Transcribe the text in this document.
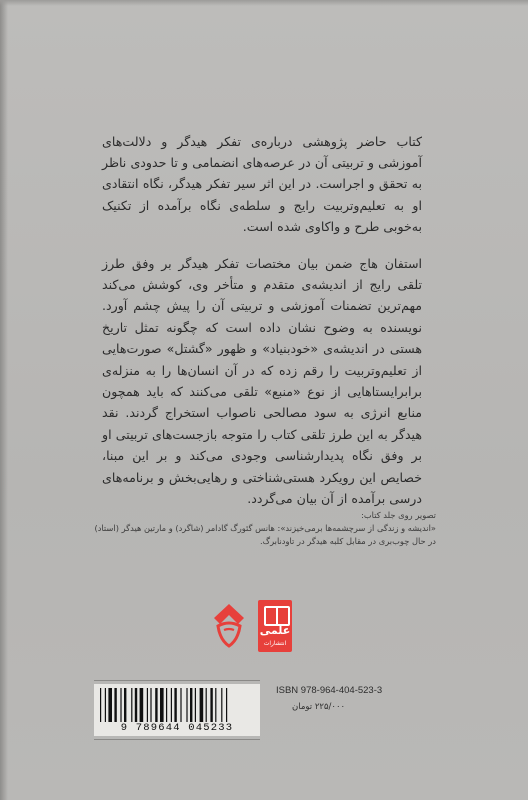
کتاب حاضر پژوهشی درباره‌ی تفکر هیدگر و دلالت‌های آموزشی و تربیتی آن در عرصه‌های انضمامی و تا حدودی ناظر به تحقق و اجراست. در این اثر سیر تفکر هیدگر، نگاه انتقادی او به تعلیم‌وتربیت رایج و سلطه‌ی نگاه برآمده از تکنیک به‌خوبی طرح و واکاوی شده است.

استفان هاج ضمن بیان مختصات تفکر هیدگر بر وفق طرز تلقی رایج از اندیشه‌ی متقدم و متأخر وی، کوشش می‌کند مهم‌ترین تضمنات آموزشی و تربیتی آن را پیش چشم آورد. نویسنده به وضوح نشان داده است که چگونه تمثل تاریخ هستی در اندیشه‌ی «خودبنیاد» و ظهور «گشتل» صورت‌هایی از تعلیم‌وتربیت را رقم زده که در آن انسان‌ها را به منزله‌ی برابرایستاهایی از نوع «منبع» تلقی می‌کنند که باید همچون منابع انرژی به سود مصالحی ناصواب استخراج گردند. نقد هیدگر به این طرز تلقی کتاب را متوجه بازجست‌های تربیتی او بر وفق نگاه پدیدارشناسی وجودی می‌کند و بر این مبنا، خصایص این رویکرد هستی‌شناختی و رهایی‌بخش و برنامه‌های درسی برآمده از آن بیان می‌گردد.

تصویر روی جلد کتاب:
«اندیشه و زندگی از سرچشمه‌ها برمی‌خیزند»: هانس گئورگ گادامر (شاگرد) و مارتین هیدگر (استاد) در حال چوب‌بری در مقابل کلبه هیدگر در تاودنابرگ.
علمی
انتشارات
ISBN 978-964-404-523-3
۲۲۵/۰۰۰ تومان
9 789644 045233
